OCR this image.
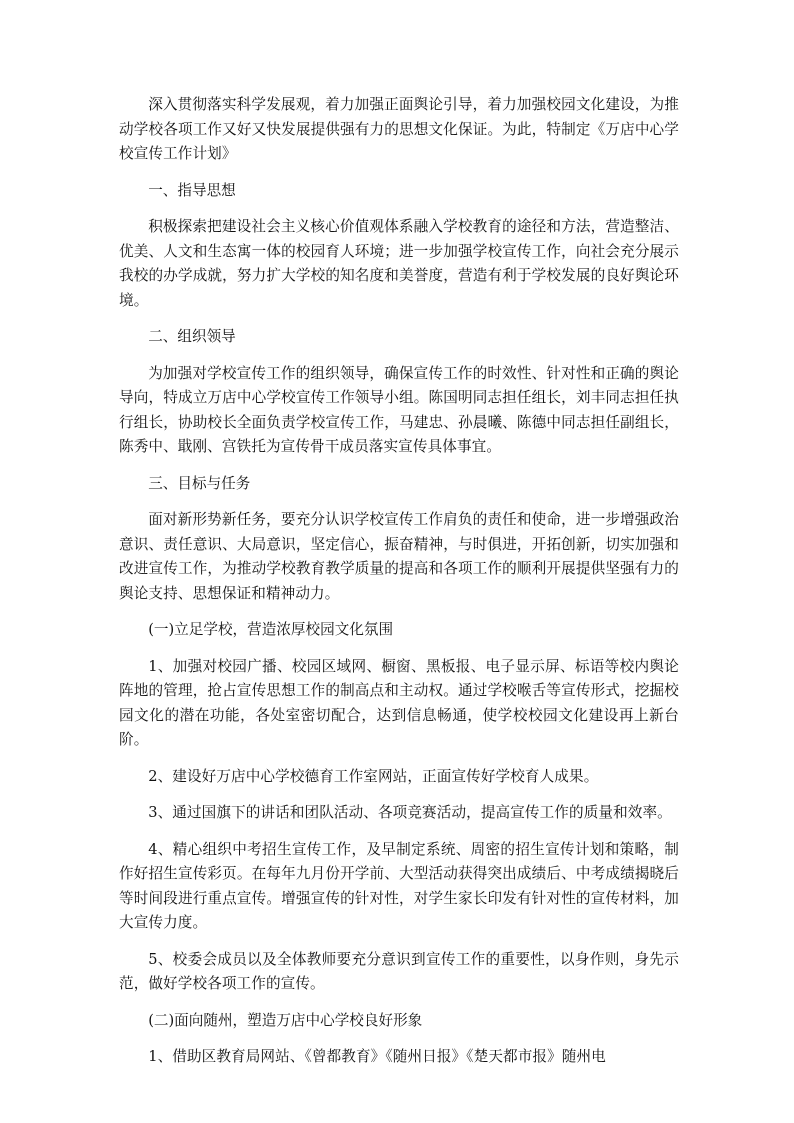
深入贯彻落实科学发展观，着力加强正面舆论引导，着力加强校园文化建设，为推动学校各项工作又好又快发展提供强有力的思想文化保证。为此，特制定《万店中心学校宣传工作计划》

一、指导思想

积极探索把建设社会主义核心价值观体系融入学校教育的途径和方法，营造整洁、优美、人文和生态寓一体的校园育人环境；进一步加强学校宣传工作，向社会充分展示我校的办学成就，努力扩大学校的知名度和美誉度，营造有利于学校发展的良好舆论环境。

二、组织领导

为加强对学校宣传工作的组织领导，确保宣传工作的时效性、针对性和正确的舆论导向，特成立万店中心学校宣传工作领导小组。陈国明同志担任组长，刘丰同志担任执行组长，协助校长全面负责学校宣传工作，马建忠、孙晨曦、陈德中同志担任副组长，陈秀中、戢刚、宫铁托为宣传骨干成员落实宣传具体事宜。

三、目标与任务

面对新形势新任务，要充分认识学校宣传工作肩负的责任和使命，进一步增强政治意识、责任意识、大局意识，坚定信心，振奋精神，与时俱进，开拓创新，切实加强和改进宣传工作，为推动学校教育教学质量的提高和各项工作的顺利开展提供坚强有力的舆论支持、思想保证和精神动力。

(一)立足学校，营造浓厚校园文化氛围

1、加强对校园广播、校园区域网、橱窗、黑板报、电子显示屏、标语等校内舆论阵地的管理，抢占宣传思想工作的制高点和主动权。通过学校喉舌等宣传形式，挖掘校园文化的潜在功能，各处室密切配合，达到信息畅通，使学校校园文化建设再上新台阶。

2、建设好万店中心学校德育工作室网站，正面宣传好学校育人成果。

3、通过国旗下的讲话和团队活动、各项竞赛活动，提高宣传工作的质量和效率。

4、精心组织中考招生宣传工作，及早制定系统、周密的招生宣传计划和策略，制作好招生宣传彩页。在每年九月份开学前、大型活动获得突出成绩后、中考成绩揭晓后等时间段进行重点宣传。增强宣传的针对性，对学生家长印发有针对性的宣传材料，加大宣传力度。

5、校委会成员以及全体教师要充分意识到宣传工作的重要性，以身作则，身先示范，做好学校各项工作的宣传。

(二)面向随州，塑造万店中心学校良好形象

1、借助区教育局网站、《曾都教育》《随州日报》《楚天都市报》随州电
